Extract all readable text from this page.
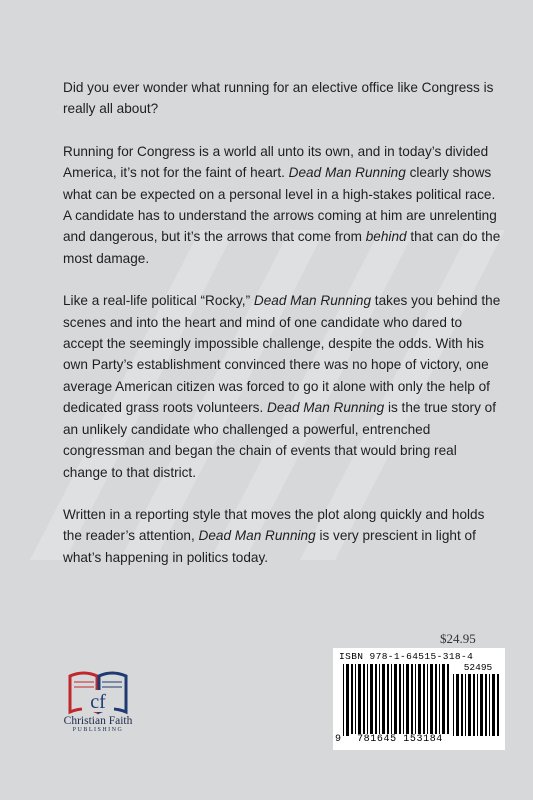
Did you ever wonder what running for an elective office like Congress is really all about?

Running for Congress is a world all unto its own, and in today’s divided America, it’s not for the faint of heart. Dead Man Running clearly shows what can be expected on a personal level in a high-stakes political race. A candidate has to understand the arrows coming at him are unrelenting and dangerous, but it’s the arrows that come from behind that can do the most damage.

Like a real-life political “Rocky,” Dead Man Running takes you behind the scenes and into the heart and mind of one candidate who dared to accept the seemingly impossible challenge, despite the odds. With his own Party’s establishment convinced there was no hope of victory, one average American citizen was forced to go it alone with only the help of dedicated grass roots volunteers. Dead Man Running is the true story of an unlikely candidate who challenged a powerful, entrenched congressman and began the chain of events that would bring real change to that district.

Written in a reporting style that moves the plot along quickly and holds the reader’s attention, Dead Man Running is very prescient in light of what’s happening in politics today.

cf
Christian Faith
PUBLISHING
$24.95
ISBN 978-1-64515-318-4
52495
9	781645 153184
